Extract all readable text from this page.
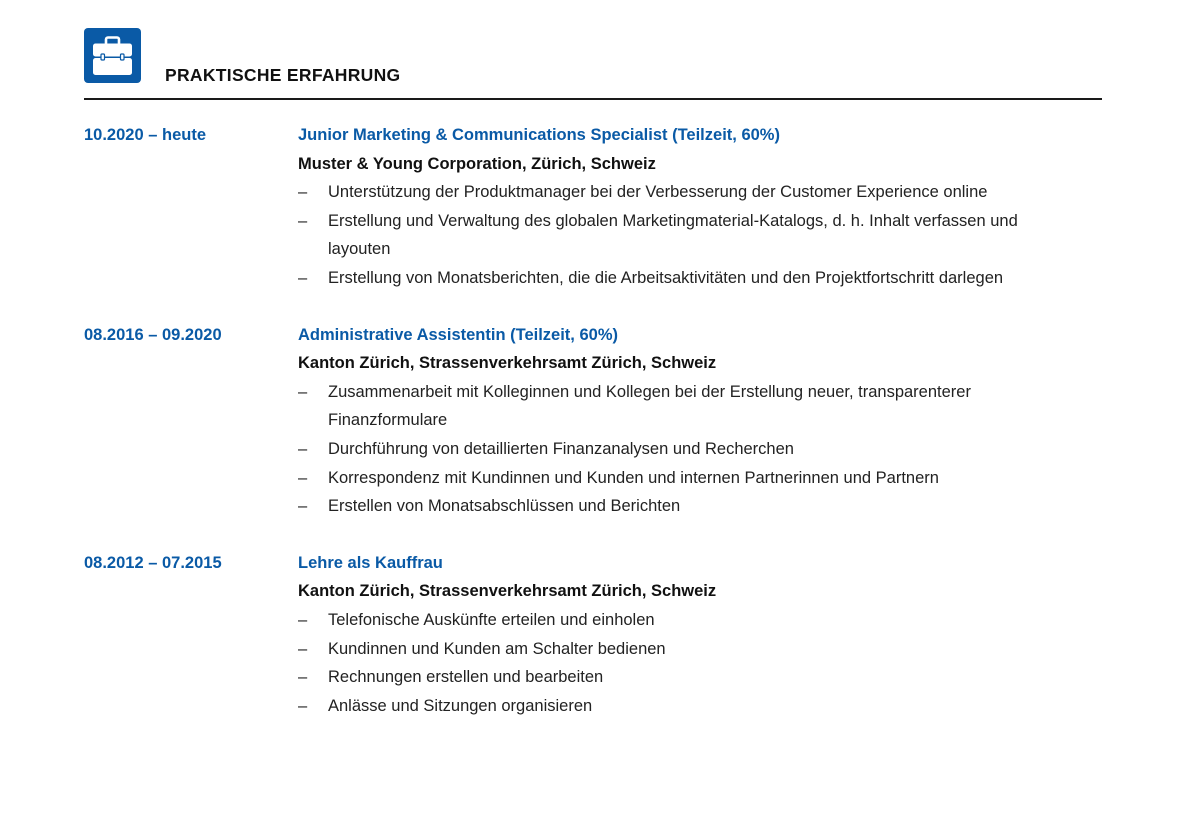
PRAKTISCHE ERFAHRUNG
10.2020 – heute	Junior Marketing & Communications Specialist (Teilzeit, 60%)
Muster & Young Corporation, Zürich, Schweiz
–	Unterstützung der Produktmanager bei der Verbesserung der Customer Experience online
–	Erstellung und Verwaltung des globalen Marketingmaterial-Katalogs, d. h. Inhalt verfassen und layouten
–	Erstellung von Monatsberichten, die die Arbeitsaktivitäten und den Projektfortschritt darlegen
08.2016 – 09.2020	Administrative Assistentin (Teilzeit, 60%)
Kanton Zürich, Strassenverkehrsamt Zürich, Schweiz
–	Zusammenarbeit mit Kolleginnen und Kollegen bei der Erstellung neuer, transparenterer Finanzformulare
–	Durchführung von detaillierten Finanzanalysen und Recherchen
–	Korrespondenz mit Kundinnen und Kunden und internen Partnerinnen und Partnern
–	Erstellen von Monatsabschlüssen und Berichten
08.2012 – 07.2015	Lehre als Kauffrau
Kanton Zürich, Strassenverkehrsamt Zürich, Schweiz
–	Telefonische Auskünfte erteilen und einholen
–	Kundinnen und Kunden am Schalter bedienen
–	Rechnungen erstellen und bearbeiten
–	Anlässe und Sitzungen organisieren
